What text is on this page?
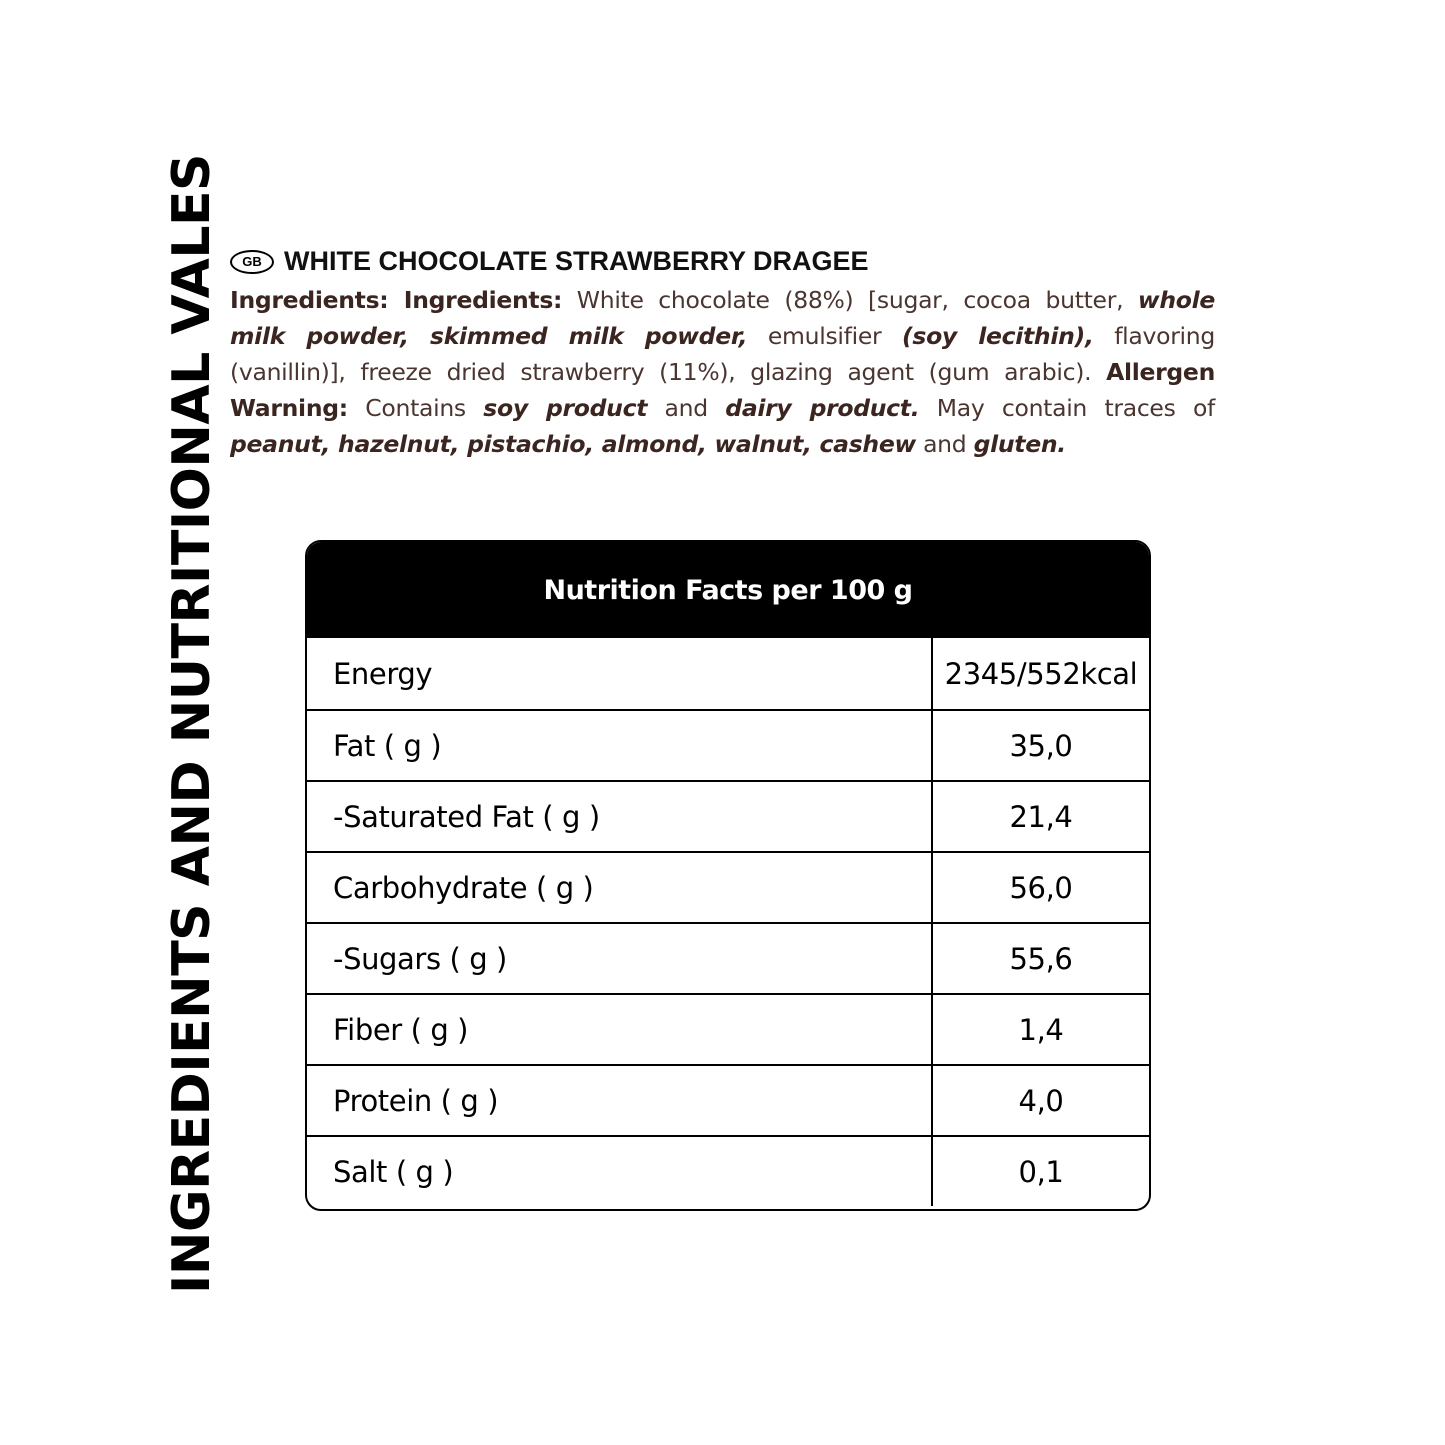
INGREDIENTS AND NUTRITIONAL VALES	GB WHITE CHOCOLATE STRAWBERRY DRAGEE
Ingredients: Ingredients: White chocolate (88%) [sugar, cocoa butter, whole milk powder, skimmed milk powder, emulsifier (soy lecithin), flavoring (vanillin)], freeze dried strawberry (11%), glazing agent (gum arabic). Allergen Warning: Contains soy product and dairy product. May contain traces of peanut, hazelnut, pistachio, almond, walnut, cashew and gluten.
Nutrition Facts per 100 g
Energy	2345/552kcal
Fat ( g )	35,0
-Saturated Fat ( g )	21,4
Carbohydrate ( g )	56,0
-Sugars ( g )	55,6
Fiber ( g )	1,4
Protein ( g )	4,0
Salt ( g )	0,1
